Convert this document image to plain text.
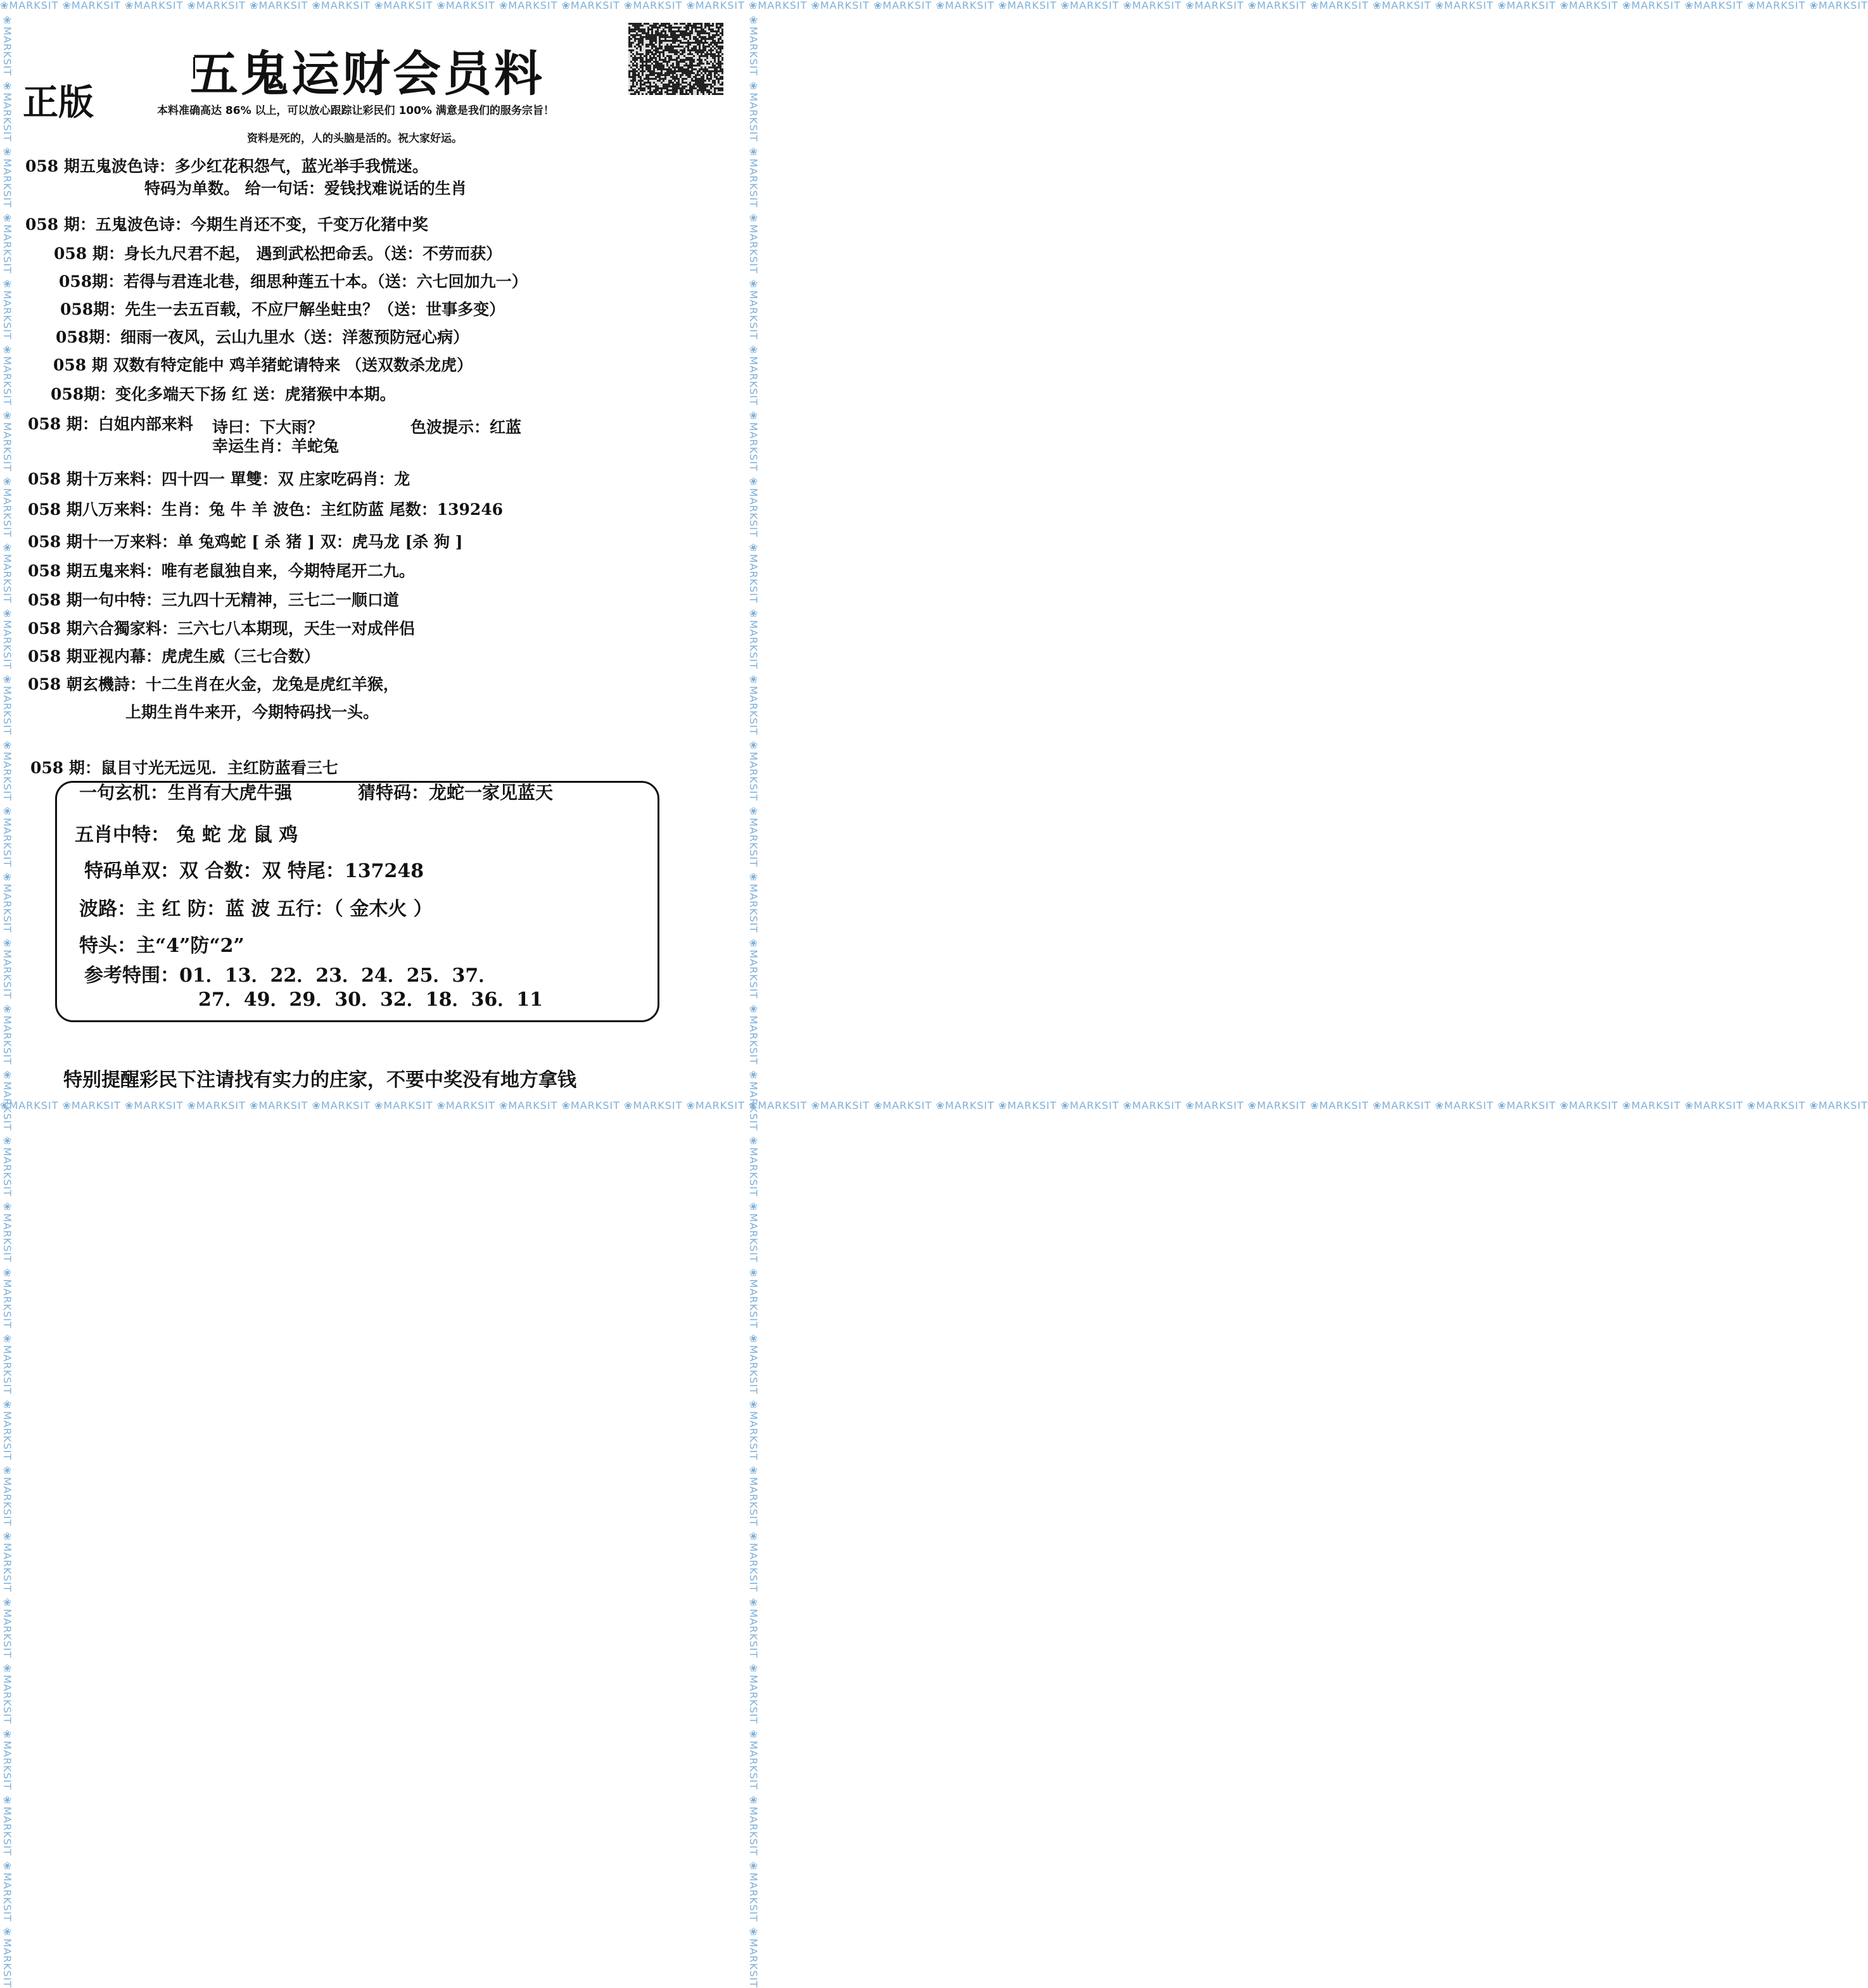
❀MARKSIT ❀MARKSIT ❀MARKSIT ❀MARKSIT ❀MARKSIT ❀MARKSIT ❀MARKSIT ❀MARKSIT ❀MARKSIT ❀MARKSIT ❀MARKSIT ❀MARKSIT ❀MARKSIT ❀MARKSIT ❀MARKSIT ❀MARKSIT ❀MARKSIT ❀MARKSIT ❀MARKSIT ❀MARKSIT ❀MARKSIT ❀MARKSIT ❀MARKSIT ❀MARKSIT ❀MARKSIT ❀MARKSIT ❀MARKSIT ❀MARKSIT ❀MARKSIT ❀MARKSIT
❀MARKSIT ❀MARKSIT ❀MARKSIT ❀MARKSIT ❀MARKSIT ❀MARKSIT ❀MARKSIT ❀MARKSIT ❀MARKSIT ❀MARKSIT ❀MARKSIT ❀MARKSIT ❀MARKSIT ❀MARKSIT ❀MARKSIT ❀MARKSIT ❀MARKSIT ❀MARKSIT ❀MARKSIT ❀MARKSIT ❀MARKSIT ❀MARKSIT ❀MARKSIT ❀MARKSIT ❀MARKSIT ❀MARKSIT ❀MARKSIT ❀MARKSIT ❀MARKSIT ❀MARKSIT
❀MARKSIT ❀MARKSIT ❀MARKSIT ❀MARKSIT ❀MARKSIT ❀MARKSIT ❀MARKSIT ❀MARKSIT ❀MARKSIT ❀MARKSIT ❀MARKSIT ❀MARKSIT ❀MARKSIT ❀MARKSIT ❀MARKSIT ❀MARKSIT ❀MARKSIT ❀MARKSIT ❀MARKSIT ❀MARKSIT ❀MARKSIT ❀MARKSIT ❀MARKSIT ❀MARKSIT ❀MARKSIT ❀MARKSIT ❀MARKSIT ❀MARKSIT ❀MARKSIT ❀MARKSIT	❀MARKSIT ❀MARKSIT ❀MARKSIT ❀MARKSIT ❀MARKSIT ❀MARKSIT ❀MARKSIT ❀MARKSIT ❀MARKSIT ❀MARKSIT ❀MARKSIT ❀MARKSIT ❀MARKSIT ❀MARKSIT ❀MARKSIT ❀MARKSIT ❀MARKSIT ❀MARKSIT ❀MARKSIT ❀MARKSIT ❀MARKSIT ❀MARKSIT ❀MARKSIT ❀MARKSIT ❀MARKSIT ❀MARKSIT ❀MARKSIT ❀MARKSIT ❀MARKSIT ❀MARKSIT
正版
五鬼运财会员料
本料准确高达 86% 以上，可以放心跟踪让彩民们 100% 满意是我们的服务宗旨！
资料是死的，人的头脑是活的。祝大家好运。
058 期五鬼波色诗：多少红花积怨气，蓝光举手我慌迷。
特码为单数。 给一句话：爱钱找难说话的生肖
058 期：五鬼波色诗：今期生肖还不变，千变万化猪中奖
058 期：身长九尺君不起， 遇到武松把命丢。（送：不劳而获）
058期：若得与君连北巷，细思种莲五十本。（送：六七回加九一）
058期：先生一去五百载，不应尸解坐蛀虫？（送：世事多变）
058期：细雨一夜风，云山九里水（送：洋葱预防冠心病）
058 期 双数有特定能中 鸡羊猪蛇请特来 （送双数杀龙虎）
058期：变化多端天下扬 红 送：虎猪猴中本期。
058 期：白姐内部来料 诗曰：下大雨？	色波提示：红蓝
幸运生肖：羊蛇兔
058 期十万来料：四十四一 單雙：双 庄家吃码肖：龙
058 期八万来料：生肖：兔 牛 羊 波色：主红防蓝 尾数：139246
058 期十一万来料：单 兔鸡蛇 [ 杀 猪 ] 双：虎马龙 [杀 狗 ]
058 期五鬼来料：唯有老鼠独自来，今期特尾开二九。
058 期一句中特：三九四十无精神，三七二一顺口道
058 期六合獨家料：三六七八本期现，天生一对成伴侣
058 期亚视内幕：虎虎生威（三七合数）
058 朝玄機詩：十二生肖在火金，龙兔是虎红羊猴，
上期生肖牛来开，今期特码找一头。
058 期：鼠目寸光无远见．主红防蓝看三七
一句玄机：生肖有大虎牛强	猜特码：龙蛇一家见蓝天
五肖中特： 兔 蛇 龙 鼠 鸡
特码单双：双 合数：双 特尾：137248
波路：主 红 防：蓝 波 五行：（ 金木火 ）
特头：主“4”防“2”
参考特围：01．13．22．23．24．25．37．
27．49．29．30．32．18．36．11
特别提醒彩民下注请找有实力的庄家，不要中奖没有地方拿钱
